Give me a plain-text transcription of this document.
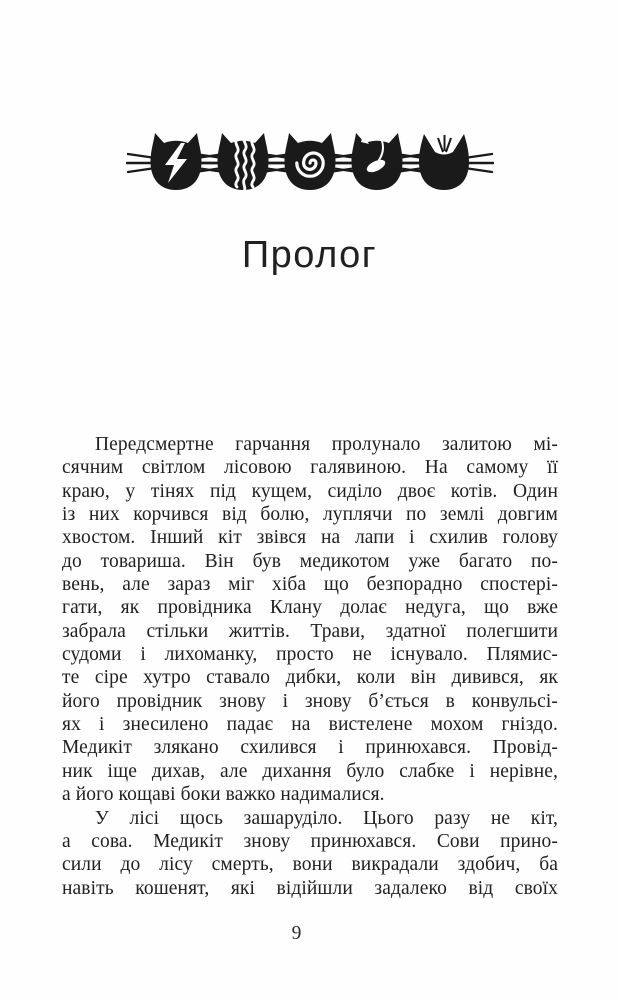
Пролог
Передсмертне гарчання пролунало залитою мі-
сячним світлом лісовою галявиною. На самому її
краю, у тінях під кущем, сиділо двоє котів. Один
із них корчився від болю, луплячи по землі довгим
хвостом. Інший кіт звівся на лапи і схилив голову
до товариша. Він був медикотом уже багато по-
вень, але зараз міг хіба що безпорадно спостері-
гати, як провідника Клану долає недуга, що вже
забрала стільки життів. Трави, здатної полегшити
судоми і лихоманку, просто не існувало. Плямис-
те сіре хутро ставало дибки, коли він дивився, як
його провідник знову і знову б’ється в конвульсі-
ях і знесилено падає на вистелене мохом гніздо.
Медикіт злякано схилився і принюхався. Провід-
ник іще дихав, але дихання було слабке і нерівне,
а його кощаві боки важко надималися.
У лісі щось зашаруділо. Цього разу не кіт,
а сова. Медикіт знову принюхався. Сови прино-
сили до лісу смерть, вони викрадали здобич, ба
навіть кошенят, які відійшли задалеко від своїх
9
